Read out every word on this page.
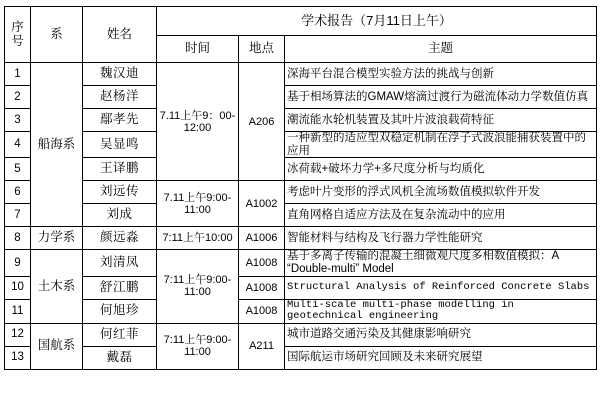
序号	系	姓名	学术报告（7月11日上午）		
			时间	地点	主题
1	船海系	魏汉迪	7.11上午9：00-12:00	A206	深海平台混合模型实验方法的挑战与创新
2		赵杨洋			基于相场算法的GMAW熔滴过渡行为磁流体动力学数值仿真
3		鄢孝先			潮流能水轮机装置及其叶片波浪载荷特征
4		吴显鸣			一种新型的适应型双稳定机制在浮子式波浪能捕获装置中的应用
5		王译鹏			冰荷载+破坏力学+多尺度分析与均质化
6		刘远传	7.11上午9:00-11:00	A1002	考虑叶片变形的浮式风机全流场数值模拟软件开发
7		刘成			直角网格自适应方法及在复杂流动中的应用
8	力学系	颜远淼	7:11上午10:00	A1006	智能材料与结构及飞行器力学性能研究
9	土木系	刘清凤	7:11上午9:00-11:00	A1008	基于多离子传输的混凝土细微观尺度多相数值模拟：A “Double-multi” Model
10		舒江鹏		A1008	Structural Analysis of Reinforced Concrete Slabs
11		何旭珍		A1008	Multi-scale multi-phase modelling in geotechnical engineering
12	国航系	何红菲	7:11上午9:00-11:00	A211	城市道路交通污染及其健康影响研究
13		戴磊			国际航运市场研究回顾及未来研究展望
